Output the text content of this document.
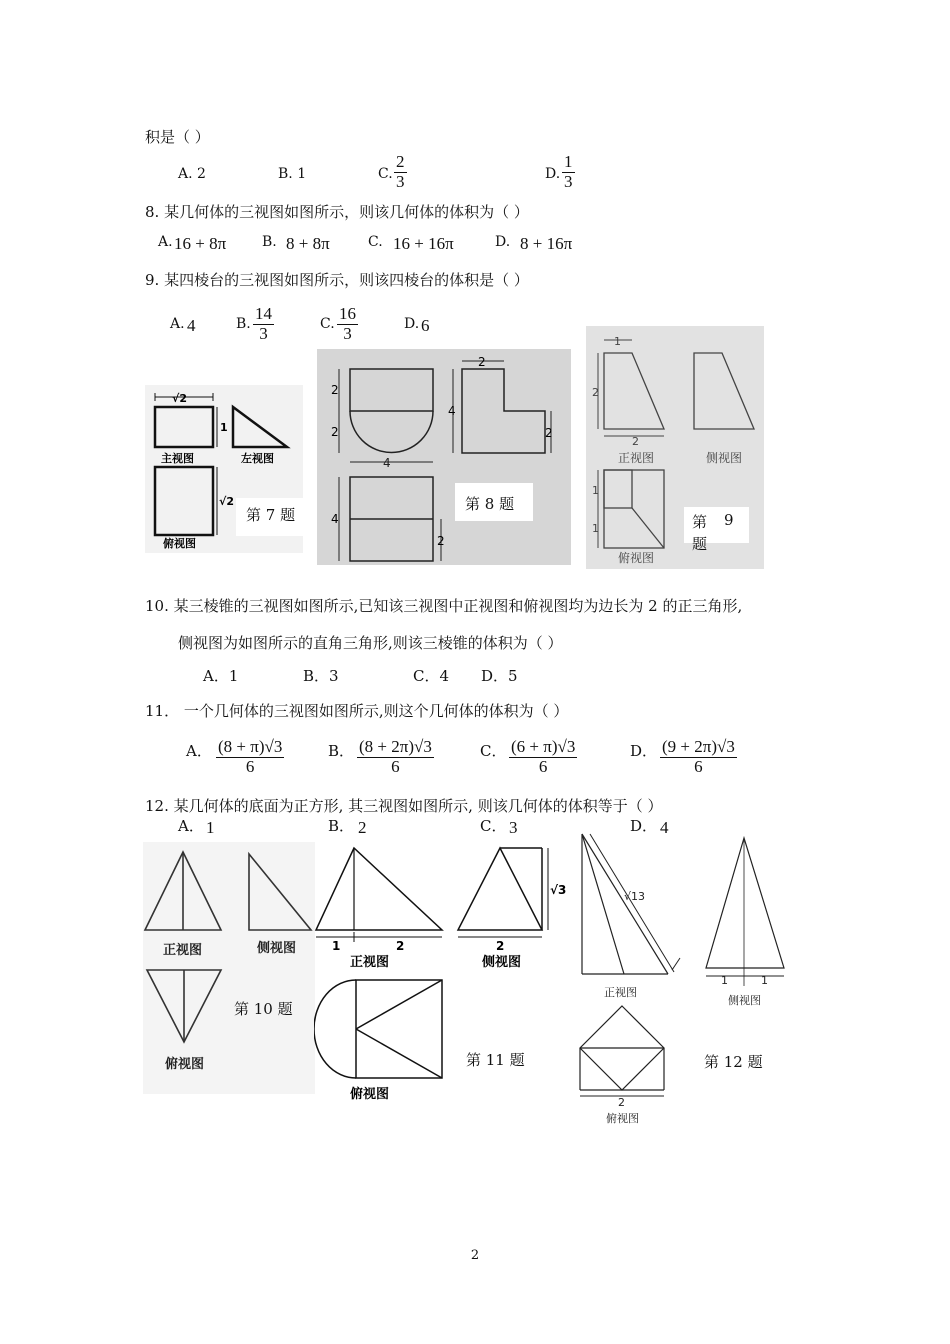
积是（ ）
A. 2	B. 1	C. $\frac{2}{3}$	D. $\frac{1}{3}$
8. 某几何体的三视图如图所示，则该几何体的体积为（ ）
A. 16 + 8π	B. 8 + 8π	C. 16 + 16π	D. 8 + 16π
9. 某四棱台的三视图如图所示，则该四棱台的体积是（ ）
A. 4	B. $\frac{14}{3}$	C. $\frac{16}{3}$	D. 6
√2
1
主视图	左视图
√2
俯视图
第 7 题
2
2
4
2
4
2
4
2
第 8 题
1
2
2
正视图	侧视图
1
1
俯视图
第 9
题
10. 某三棱锥的三视图如图所示,已知该三视图中正视图和俯视图均为边长为 2 的正三角形,
侧视图为如图所示的直角三角形,则该三棱锥的体积为（ ）
A．1	B．3	C．4 D．5
11． 一个几何体的三视图如图所示,则这个几何体的体积为（ ）
A． $\frac{(8 + \pi)√3}{6}$	B． $\frac{(8 + 2\pi)√3}{6}$	C． $\frac{(6 + \pi)√3}{6}$	D． $\frac{(9 + 2\pi)√3}{6}$
12. 某几何体的底面为正方形, 其三视图如图所示, 则该几何体的体积等于（ ）
A． 1	B． 2	C． 3	D． 4
正视图	侧视图
俯视图
第 10 题
1	2
正视图
√3
2
侧视图
俯视图
第 11 题
√13
正视图
1	1
侧视图
2
俯视图
第 12 题
2
